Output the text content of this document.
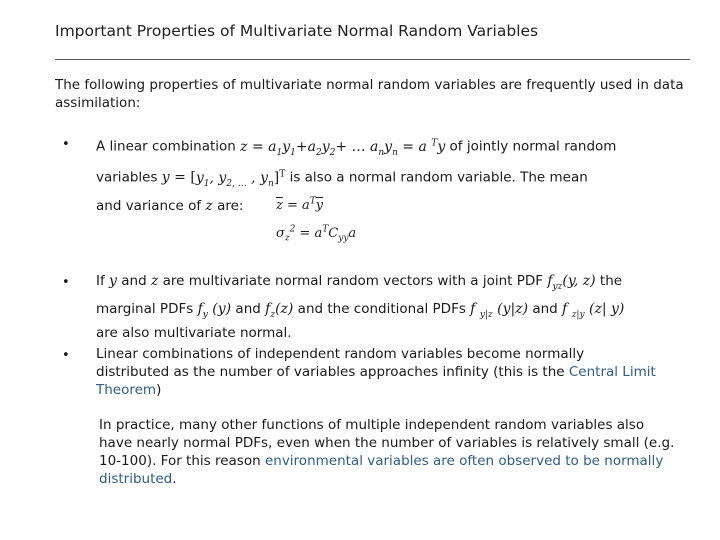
Important Properties of Multivariate Normal Random Variables
The following properties of multivariate normal random variables are frequently used in data assimilation:
• A linear combination $z = a_1y_1+a_2y_2+$ … $a_ny_n = a$ $^T$y of jointly normal random
variables $y = [y_1$, $y_{2, \dots}$ , $y_n]^T$ is also a normal random variable. The mean
and variance of z are:	$\overline{z} = a^T\overline{y}$
$\sigma_z^2 = a^TC_{yy}a$
• If y and z are multivariate normal random vectors with a joint PDF $f_{yz}(y$, z) the
marginal PDFs $f_y$ (y) and $f_z(z)$ and the conditional PDFs f $_{y|z}$ (y|z) and f $_{z|y}$ (z| y)
are also multivariate normal.
• Linear combinations of independent random variables become normally distributed as the number of variables approaches infinity (this is the Central Limit Theorem)
In practice, many other functions of multiple independent random variables also have nearly normal PDFs, even when the number of variables is relatively small (e.g. 10-100). For this reason environmental variables are often observed to be normally distributed.
